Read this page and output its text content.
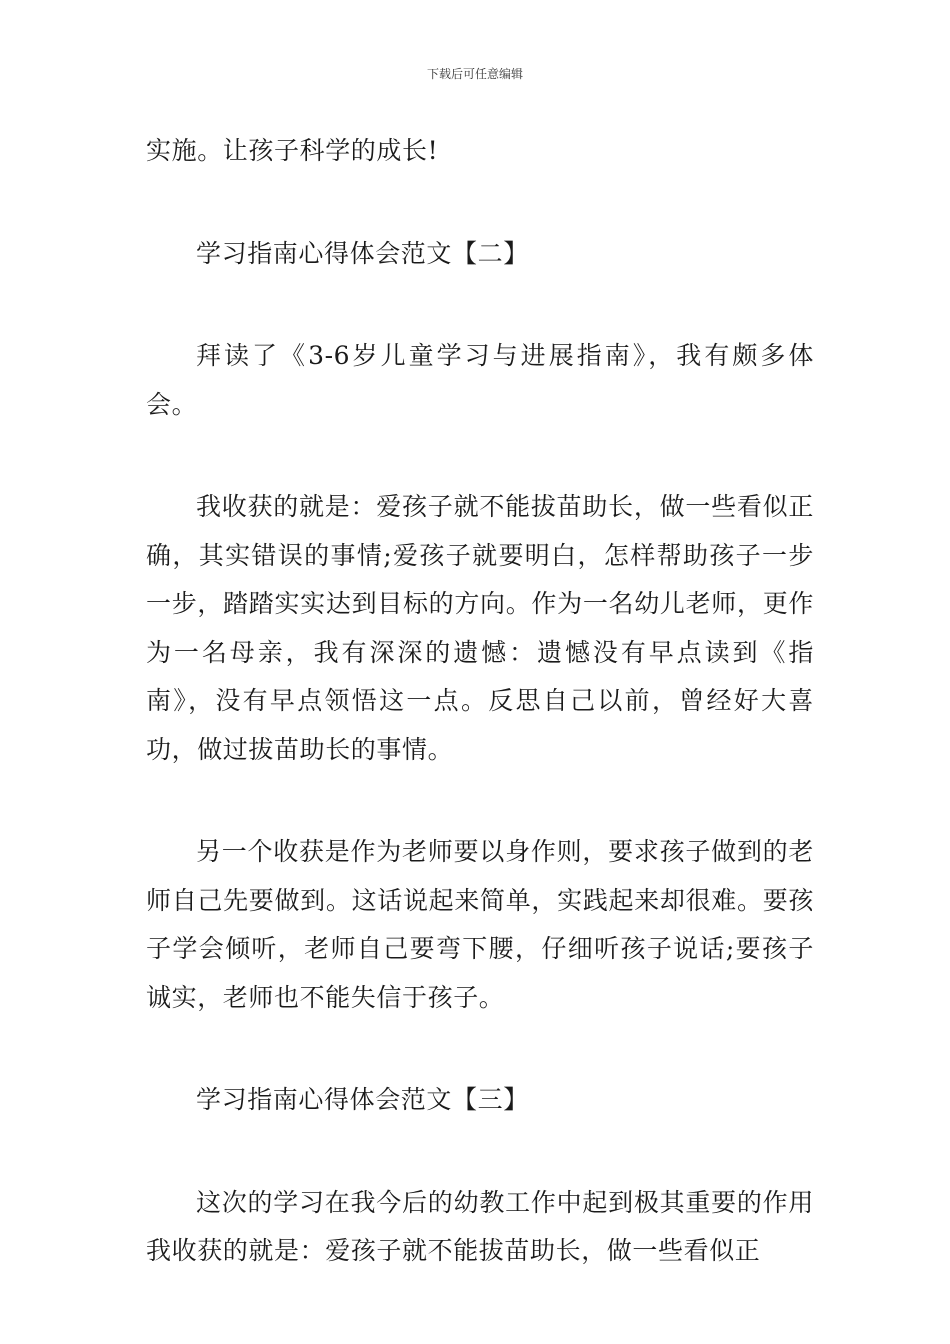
下载后可任意编辑

实施。让孩子科学的成长!

学习指南心得体会范文【二】

拜读了《3-6岁儿童学习与进展指南》，我有颇多体会。

我收获的就是：爱孩子就不能拔苗助长，做一些看似正确，其实错误的事情;爱孩子就要明白，怎样帮助孩子一步一步，踏踏实实达到目标的方向。作为一名幼儿老师，更作为一名母亲，我有深深的遗憾：遗憾没有早点读到《指南》，没有早点领悟这一点。反思自己以前，曾经好大喜功，做过拔苗助长的事情。

另一个收获是作为老师要以身作则，要求孩子做到的老师自己先要做到。这话说起来简单，实践起来却很难。要孩子学会倾听，老师自己要弯下腰，仔细听孩子说话;要孩子诚实，老师也不能失信于孩子。

学习指南心得体会范文【三】

这次的学习在我今后的幼教工作中起到极其重要的作用我收获的就是：爱孩子就不能拔苗助长，做一些看似正
